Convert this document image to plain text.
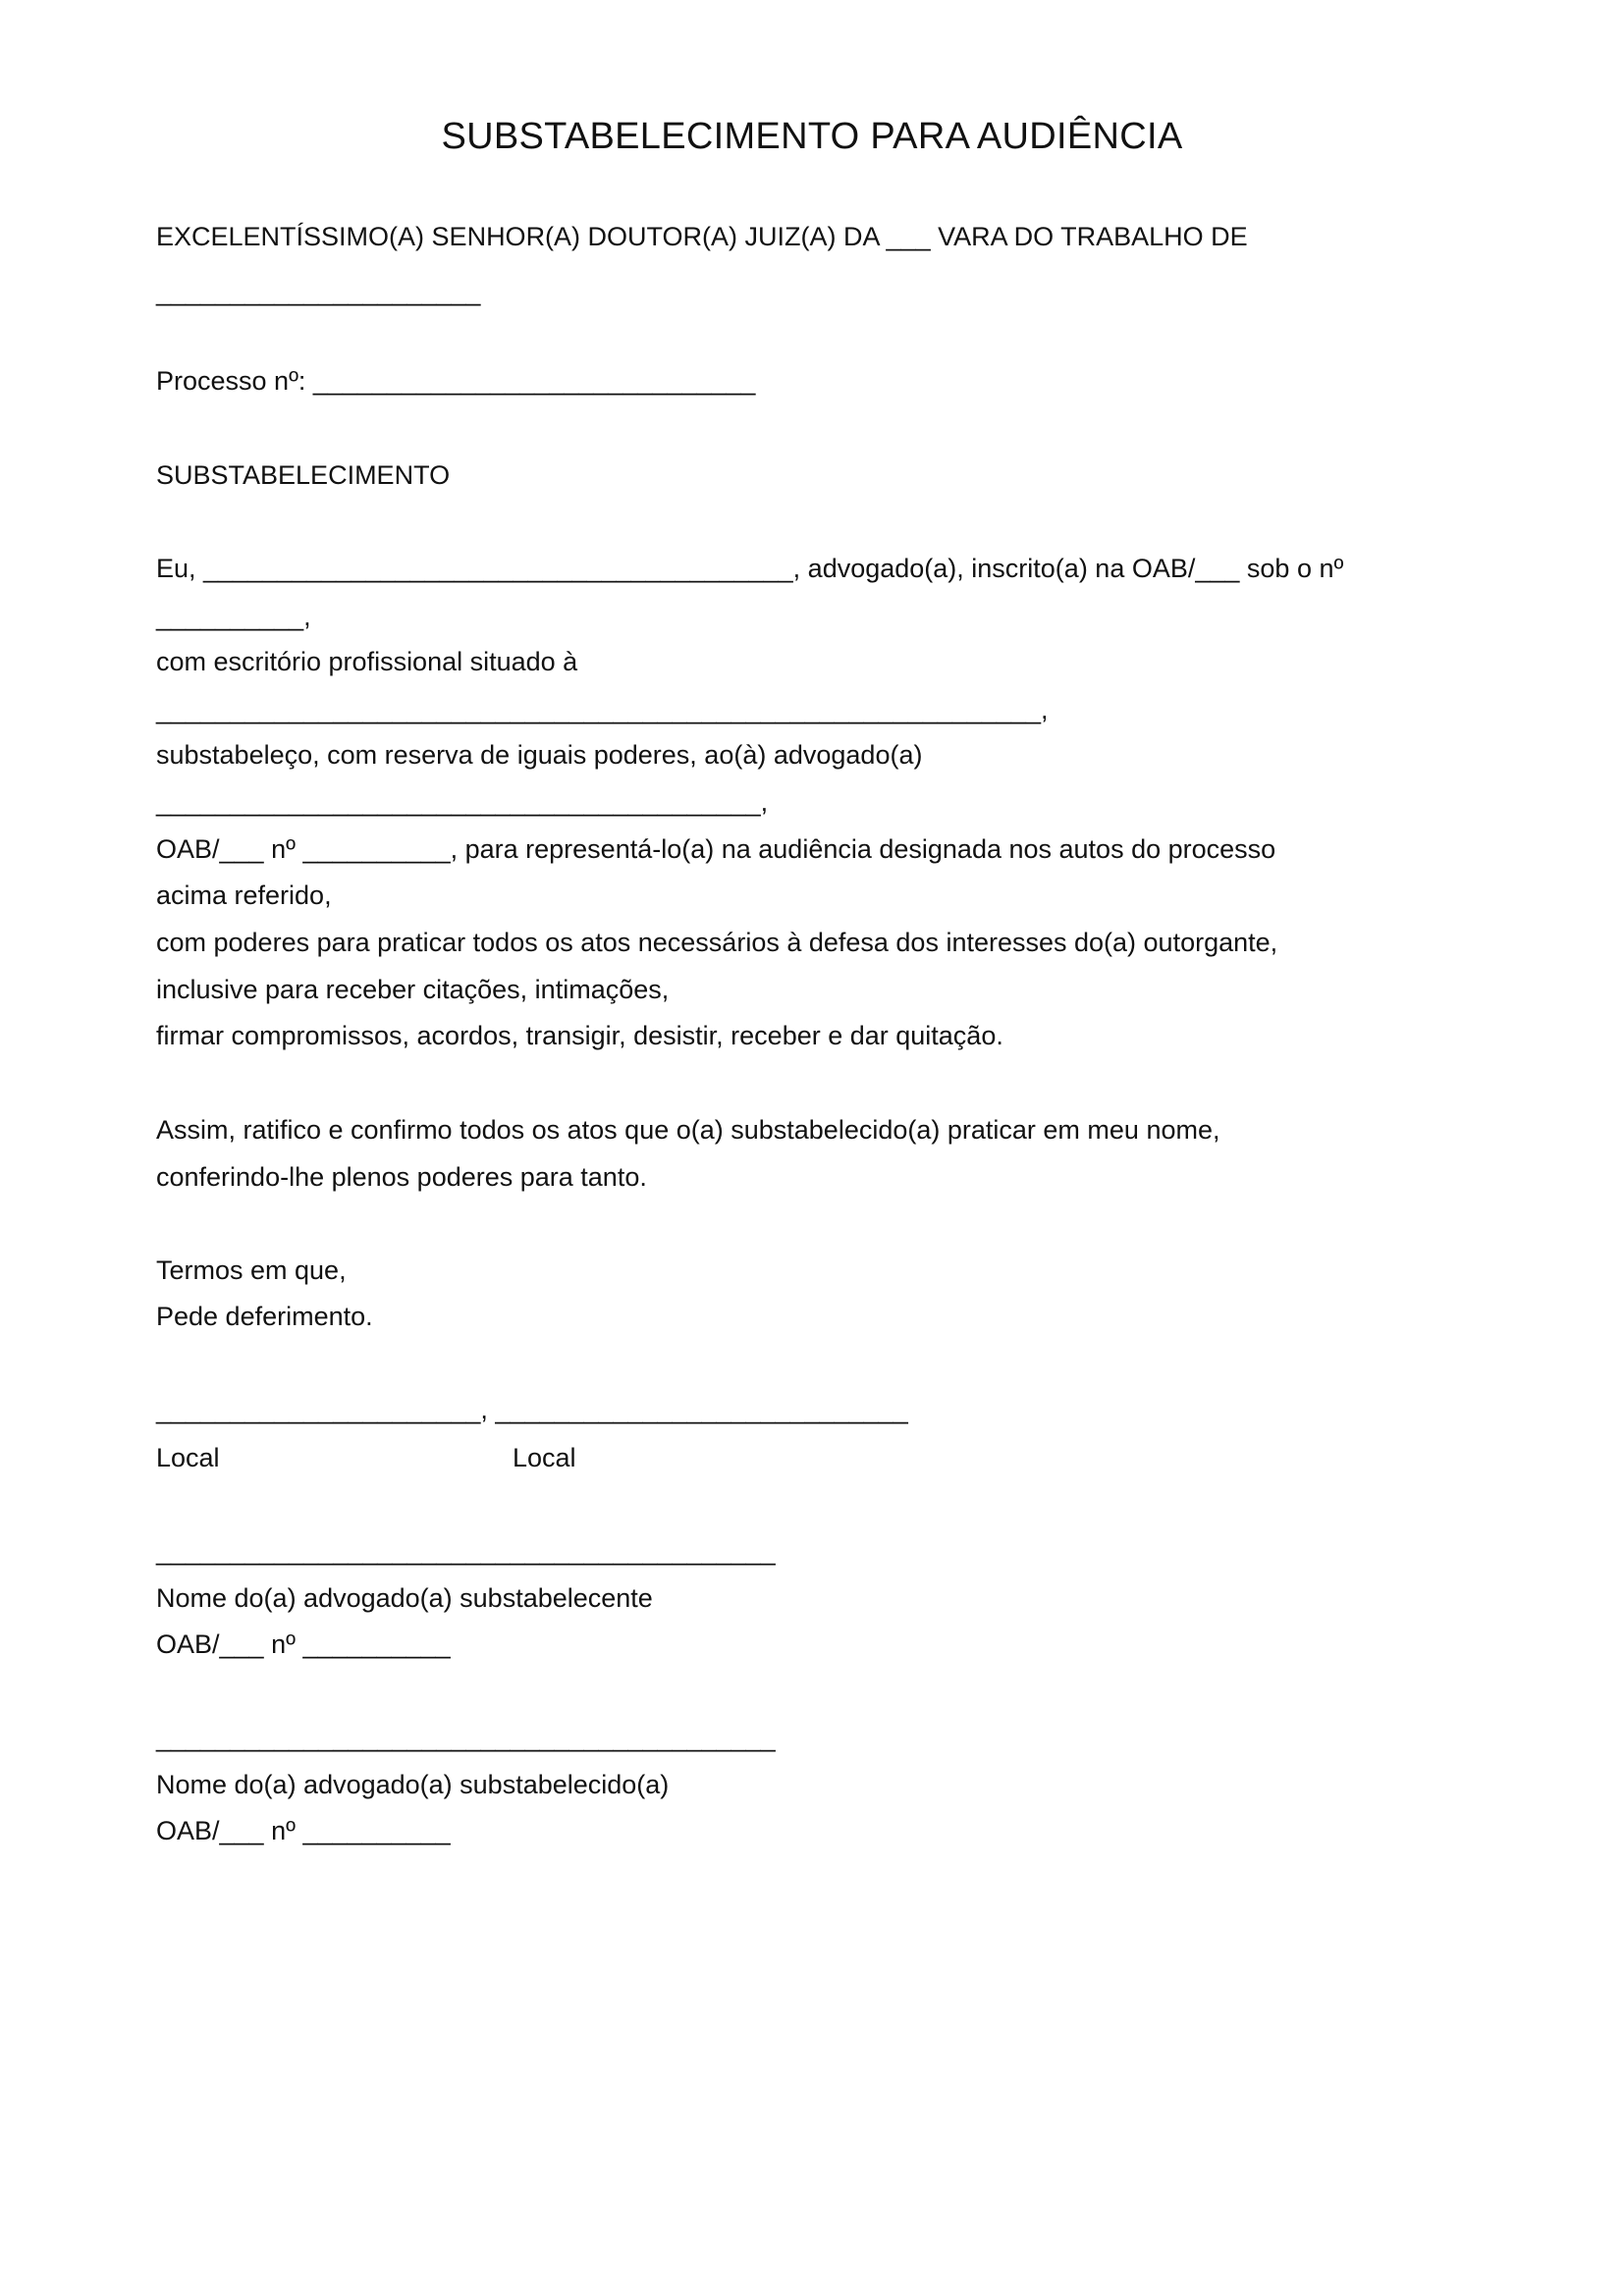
SUBSTABELECIMENTO PARA AUDIÊNCIA
EXCELENTÍSSIMO(A) SENHOR(A) DOUTOR(A) JUIZ(A) DA ___ VARA DO TRABALHO DE
______________________
Processo nº: ______________________________
SUBSTABELECIMENTO
Eu, ________________________________________, advogado(a), inscrito(a) na OAB/___ sob o nº
__________,
com escritório profissional situado à
____________________________________________________________,
substabeleço, com reserva de iguais poderes, ao(à) advogado(a)
_________________________________________,
OAB/___ nº __________, para representá-lo(a) na audiência designada nos autos do processo
acima referido,
com poderes para praticar todos os atos necessários à defesa dos interesses do(a) outorgante,
inclusive para receber citações, intimações,
firmar compromissos, acordos, transigir, desistir, receber e dar quitação.
Assim, ratifico e confirmo todos os atos que o(a) substabelecido(a) praticar em meu nome,
conferindo-lhe plenos poderes para tanto.
Termos em que,
Pede deferimento.
______________________, ____________________________
Local	Local
__________________________________________
Nome do(a) advogado(a) substabelecente
OAB/___ nº __________
__________________________________________
Nome do(a) advogado(a) substabelecido(a)
OAB/___ nº __________
